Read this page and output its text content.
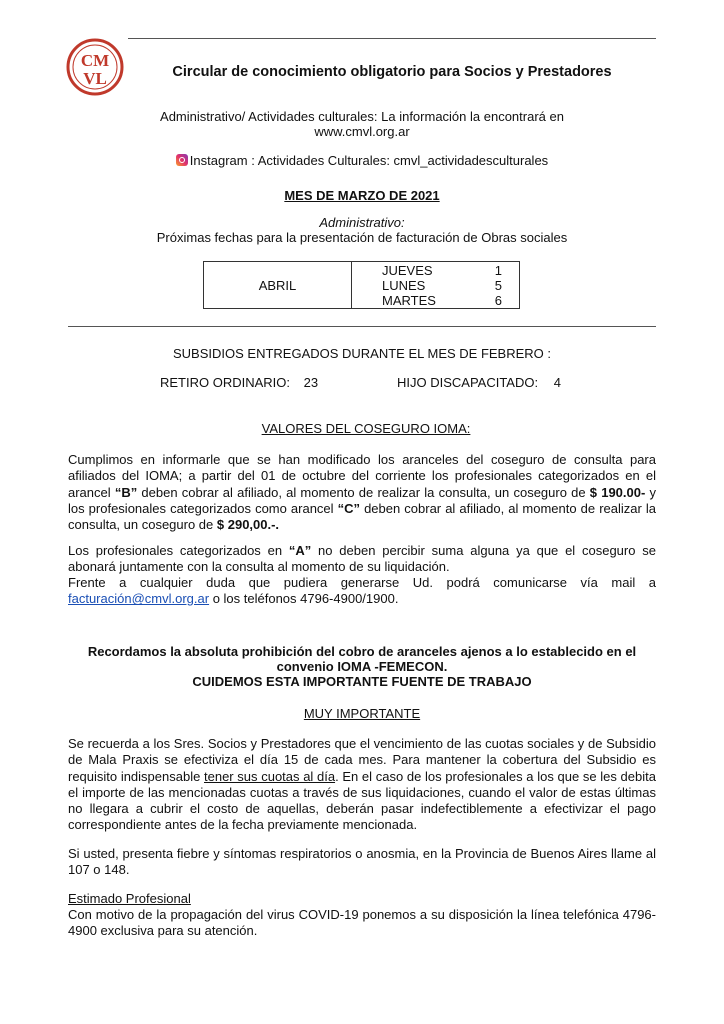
CM
VL	Circular de conocimiento obligatorio para Socios y Prestadores
Administrativo/ Actividades culturales: La información la encontrará en
www.cmvl.org.ar
Instagram : Actividades Culturales: cmvl_actividadesculturales
MES DE MARZO DE 2021
Administrativo:
Próximas fechas para la presentación de facturación de Obras sociales
ABRIL
JUEVES	1
LUNES	5
MARTES	6
SUBSIDIOS ENTREGADOS DURANTE EL MES DE FEBRERO :
RETIRO ORDINARIO: 23	HIJO DISCAPACITADO: 4
VALORES DEL COSEGURO IOMA:
Cumplimos en informarle que se han modificado los aranceles del coseguro de consulta para afiliados del IOMA; a partir del 01 de octubre del corriente los profesionales categorizados en el arancel “B” deben cobrar al afiliado, al momento de realizar la consulta, un coseguro de $ 190.00- y los profesionales categorizados como arancel “C” deben cobrar al afiliado, al momento de realizar la consulta, un coseguro de $ 290,00.-.
Los profesionales categorizados en “A” no deben percibir suma alguna ya que el coseguro se abonará juntamente con la consulta al momento de su liquidación.
Frente a cualquier duda que pudiera generarse Ud. podrá comunicarse vía mail a facturación@cmvl.org.ar o los teléfonos 4796-4900/1900.
Recordamos la absoluta prohibición del cobro de aranceles ajenos a lo establecido en el
convenio IOMA -FEMECON.
CUIDEMOS ESTA IMPORTANTE FUENTE DE TRABAJO
MUY IMPORTANTE
Se recuerda a los Sres. Socios y Prestadores que el vencimiento de las cuotas sociales y de Subsidio de Mala Praxis se efectiviza el día 15 de cada mes. Para mantener la cobertura del Subsidio es requisito indispensable tener sus cuotas al día. En el caso de los profesionales a los que se les debita el importe de las mencionadas cuotas a través de sus liquidaciones, cuando el valor de estas últimas no llegara a cubrir el costo de aquellas, deberán pasar indefectiblemente a efectivizar el pago correspondiente antes de la fecha previamente mencionada.
Si usted, presenta fiebre y síntomas respiratorios o anosmia, en la Provincia de Buenos Aires llame al 107 o 148.
Estimado Profesional
Con motivo de la propagación del virus COVID-19 ponemos a su disposición la línea telefónica 4796-4900 exclusiva para su atención.
